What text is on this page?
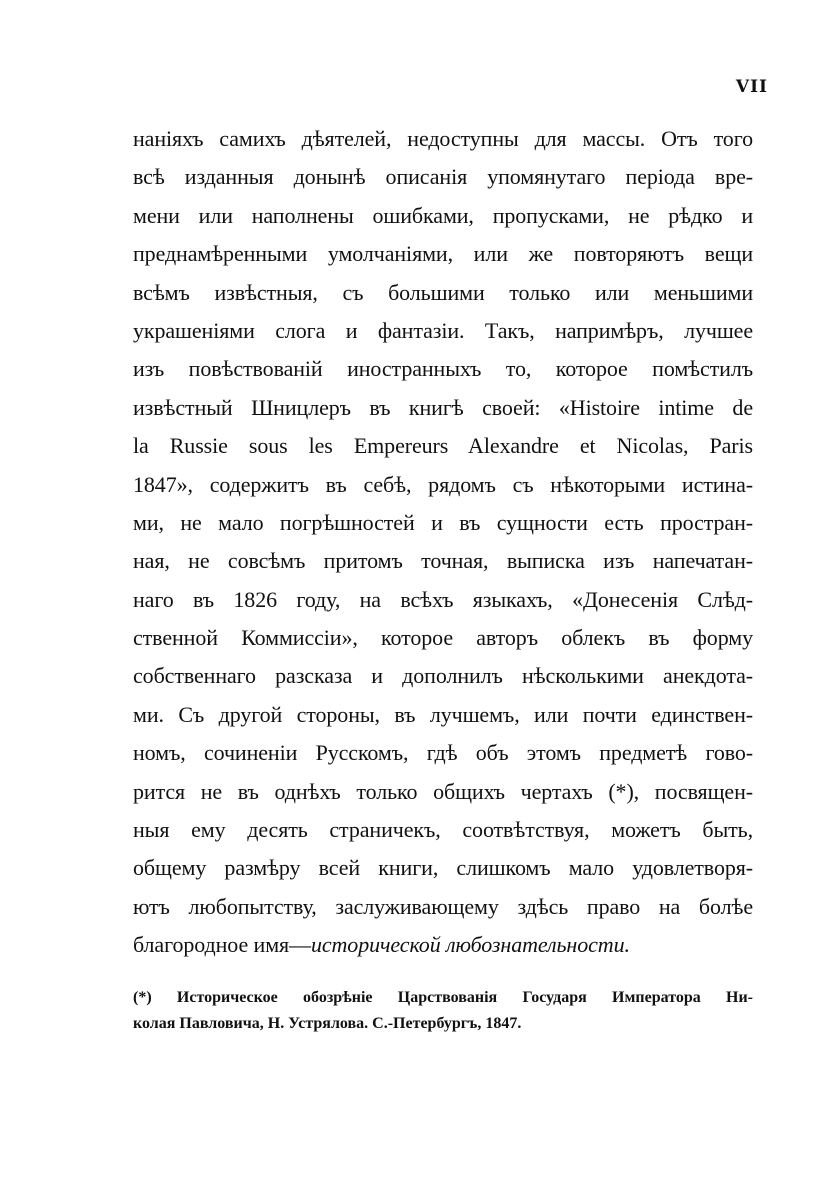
VII
наніяхъ самихъ дѣятелей, недоступны для массы. Отъ того
всѣ изданныя донынѣ описанія упомянутаго періода вре-
мени или наполнены ошибками, пропусками, не рѣдко и
преднамѣренными умолчаніями, или же повторяютъ вещи
всѣмъ извѣстныя, съ большими только или меньшими
украшеніями слога и фантазіи. Такъ, напримѣръ, лучшее
изъ повѣствованій иностранныхъ то, которое помѣстилъ
извѣстный Шницлеръ въ книгѣ своей: «Histoire intime de
la Russie sous les Empereurs Alexandre et Nicolas, Paris
1847», содержитъ въ себѣ, рядомъ съ нѣкоторыми истина-
ми, не мало погрѣшностей и въ сущности есть простран-
ная, не совсѣмъ притомъ точная, выписка изъ напечатан-
наго въ 1826 году, на всѣхъ языкахъ, «Донесенія Слѣд-
ственной Коммиссіи», которое авторъ облекъ въ форму
собственнаго разсказа и дополнилъ нѣсколькими анекдота-
ми. Съ другой стороны, въ лучшемъ, или почти единствен-
номъ, сочиненіи Русскомъ, гдѣ объ этомъ предметѣ гово-
рится не въ однѣхъ только общихъ чертахъ (*), посвящен-
ныя ему десять страничекъ, соотвѣтствуя, можетъ быть,
общему размѣру всей книги, слишкомъ мало удовлетворя-
ютъ любопытству, заслуживающему здѣсь право на болѣе
благородное имя—исторической любознательности.
(*) Историческое обозрѣніе Царствованія Государя Императора Ни-
колая Павловича, Н. Устрялова. С.-Петербургъ, 1847.
